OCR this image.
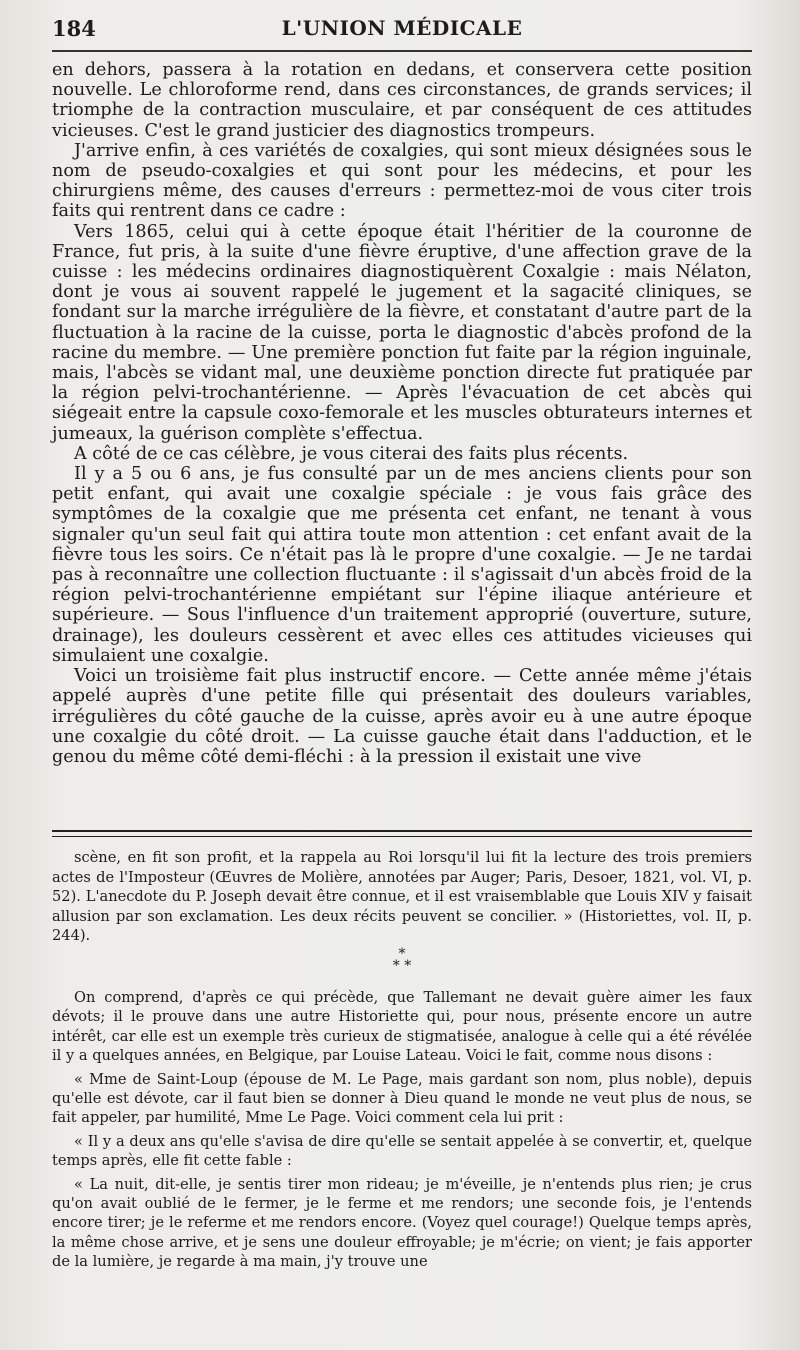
184	L'UNION MÉDICALE

en dehors, passera à la rotation en dedans, et conservera cette position nouvelle. Le chloroforme rend, dans ces circonstances, de grands services; il triomphe de la contraction musculaire, et par conséquent de ces attitudes vicieuses. C'est le grand justicier des diagnostics trompeurs.

J'arrive enfin, à ces variétés de coxalgies, qui sont mieux désignées sous le nom de pseudo-coxalgies et qui sont pour les médecins, et pour les chirurgiens même, des causes d'erreurs : permettez-moi de vous citer trois faits qui rentrent dans ce cadre :

Vers 1865, celui qui à cette époque était l'héritier de la couronne de France, fut pris, à la suite d'une fièvre éruptive, d'une affection grave de la cuisse : les médecins ordinaires diagnostiquèrent Coxalgie : mais Nélaton, dont je vous ai souvent rappelé le jugement et la sagacité cliniques, se fondant sur la marche irrégulière de la fièvre, et constatant d'autre part de la fluctuation à la racine de la cuisse, porta le diagnostic d'abcès profond de la racine du membre. — Une première ponction fut faite par la région inguinale, mais, l'abcès se vidant mal, une deuxième ponction directe fut pratiquée par la région pelvi-trochantérienne. — Après l'évacuation de cet abcès qui siégeait entre la capsule coxo-femorale et les muscles obturateurs internes et jumeaux, la guérison complète s'effectua.

A côté de ce cas célèbre, je vous citerai des faits plus récents.

Il y a 5 ou 6 ans, je fus consulté par un de mes anciens clients pour son petit enfant, qui avait une coxalgie spéciale : je vous fais grâce des symptômes de la coxalgie que me présenta cet enfant, ne tenant à vous signaler qu'un seul fait qui attira toute mon attention : cet enfant avait de la fièvre tous les soirs. Ce n'était pas là le propre d'une coxalgie. — Je ne tardai pas à reconnaître une collection fluctuante : il s'agissait d'un abcès froid de la région pelvi-trochantérienne empiétant sur l'épine iliaque antérieure et supérieure. — Sous l'influence d'un traitement approprié (ouverture, suture, drainage), les douleurs cessèrent et avec elles ces attitudes vicieuses qui simulaient une coxalgie.

Voici un troisième fait plus instructif encore. — Cette année même j'étais appelé auprès d'une petite fille qui présentait des douleurs variables, irrégulières du côté gauche de la cuisse, après avoir eu à une autre époque une coxalgie du côté droit. — La cuisse gauche était dans l'adduction, et le genou du même côté demi-fléchi : à la pression il existait une vive

scène, en fit son profit, et la rappela au Roi lorsqu'il lui fit la lecture des trois premiers actes de l'Imposteur (Œuvres de Molière, annotées par Auger; Paris, Desoer, 1821, vol. VI, p. 52). L'anecdote du P. Joseph devait être connue, et il est vraisemblable que Louis XIV y faisait allusion par son exclamation. Les deux récits peuvent se concilier. » (Historiettes, vol. II, p. 244).

*
* *

On comprend, d'après ce qui précède, que Tallemant ne devait guère aimer les faux dévots; il le prouve dans une autre Historiette qui, pour nous, présente encore un autre intérêt, car elle est un exemple très curieux de stigmatisée, analogue à celle qui a été révélée il y a quelques années, en Belgique, par Louise Lateau. Voici le fait, comme nous disons :

« Mme de Saint-Loup (épouse de M. Le Page, mais gardant son nom, plus noble), depuis qu'elle est dévote, car il faut bien se donner à Dieu quand le monde ne veut plus de nous, se fait appeler, par humilité, Mme Le Page. Voici comment cela lui prit :

« Il y a deux ans qu'elle s'avisa de dire qu'elle se sentait appelée à se convertir, et, quelque temps après, elle fit cette fable :

« La nuit, dit-elle, je sentis tirer mon rideau; je m'éveille, je n'entends plus rien; je crus qu'on avait oublié de le fermer, je le ferme et me rendors; une seconde fois, je l'entends encore tirer; je le referme et me rendors encore. (Voyez quel courage!) Quelque temps après, la même chose arrive, et je sens une douleur effroyable; je m'écrie; on vient; je fais apporter de la lumière, je regarde à ma main, j'y trouve une
